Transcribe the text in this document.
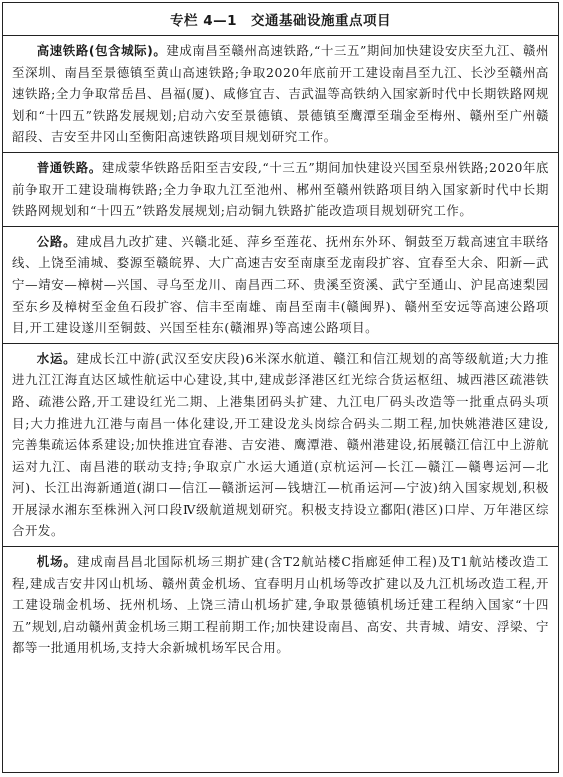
专栏 4—1 交通基础设施重点项目

高速铁路(包含城际)。建成南昌至赣州高速铁路,“十三五”期间加快建设安庆至九江、赣州至深圳、南昌至景德镇至黄山高速铁路;争取2020年底前开工建设南昌至九江、长沙至赣州高速铁路;全力争取常岳昌、昌福(厦)、咸修宜吉、吉武温等高铁纳入国家新时代中长期铁路网规划和“十四五”铁路发展规划;启动六安至景德镇、景德镇至鹰潭至瑞金至梅州、赣州至广州赣韶段、吉安至井冈山至衡阳高速铁路项目规划研究工作。

普通铁路。建成蒙华铁路岳阳至吉安段,“十三五”期间加快建设兴国至泉州铁路;2020年底前争取开工建设瑞梅铁路;全力争取九江至池州、郴州至赣州铁路项目纳入国家新时代中长期铁路网规划和“十四五”铁路发展规划;启动铜九铁路扩能改造项目规划研究工作。

公路。建成昌九改扩建、兴赣北延、萍乡至莲花、抚州东外环、铜鼓至万载高速宜丰联络线、上饶至浦城、婺源至赣皖界、大广高速吉安至南康至龙南段扩容、宜春至大余、阳新—武宁—靖安—樟树—兴国、寻乌至龙川、南昌西二环、贵溪至资溪、武宁至通山、沪昆高速梨园至东乡及樟树至金鱼石段扩容、信丰至南雄、南昌至南丰(赣闽界)、赣州至安远等高速公路项目,开工建设遂川至铜鼓、兴国至桂东(赣湘界)等高速公路项目。

水运。建成长江中游(武汉至安庆段)6米深水航道、赣江和信江规划的高等级航道;大力推进九江江海直达区域性航运中心建设,其中,建成彭泽港区红光综合货运枢纽、城西港区疏港铁路、疏港公路,开工建设红光二期、上港集团码头扩建、九江电厂码头改造等一批重点码头项目;大力推进九江港与南昌一体化建设,开工建设龙头岗综合码头二期工程,加快姚港港区建设,完善集疏运体系建设;加快推进宜春港、吉安港、鹰潭港、赣州港建设,拓展赣江信江中上游航运对九江、南昌港的联动支持;争取京广水运大通道(京杭运河—长江—赣江—赣粤运河—北河)、长江出海新通道(湖口—信江—赣浙运河—钱塘江—杭甬运河—宁波)纳入国家规划,积极开展渌水湘东至株洲入河口段Ⅳ级航道规划研究。积极支持设立鄱阳(港区)口岸、万年港区综合开发。

机场。建成南昌昌北国际机场三期扩建(含T2航站楼C指廊延伸工程)及T1航站楼改造工程,建成吉安井冈山机场、赣州黄金机场、宜春明月山机场等改扩建以及九江机场改造工程,开工建设瑞金机场、抚州机场、上饶三清山机场扩建,争取景德镇机场迁建工程纳入国家“十四五”规划,启动赣州黄金机场三期工程前期工作;加快建设南昌、高安、共青城、靖安、浮梁、宁都等一批通用机场,支持大余新城机场军民合用。
